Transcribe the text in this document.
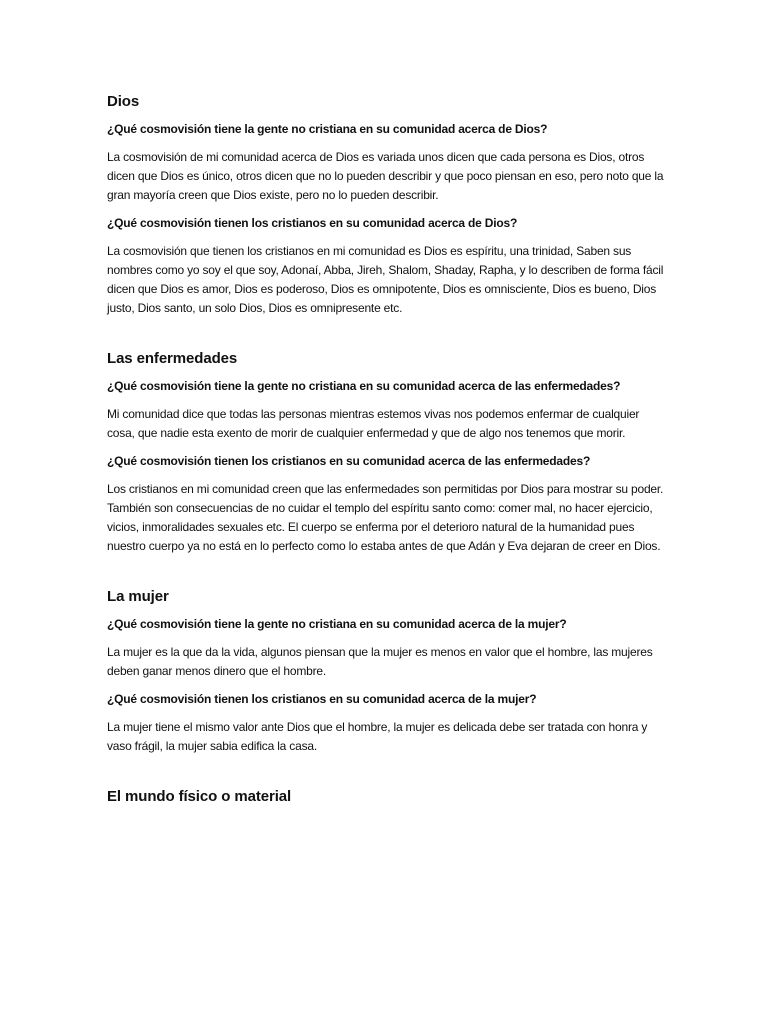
Dios
¿Qué cosmovisión tiene la gente no cristiana en su comunidad acerca de Dios?
La cosmovisión de mi comunidad acerca de Dios es variada unos dicen que cada persona es Dios, otros dicen que Dios es único, otros dicen que no lo pueden describir y que poco piensan en eso, pero noto que la gran mayoría creen que Dios existe, pero no lo pueden describir.
¿Qué cosmovisión tienen los cristianos en su comunidad acerca de Dios?
La cosmovisión que tienen los cristianos en mi comunidad es Dios es espíritu, una trinidad, Saben sus nombres como yo soy el que soy, Adonaí, Abba, Jireh, Shalom, Shaday, Rapha, y lo describen de forma fácil dicen que Dios es amor, Dios es poderoso, Dios es omnipotente, Dios es omnisciente, Dios es bueno, Dios justo, Dios santo, un solo Dios, Dios es omnipresente etc.
Las enfermedades
¿Qué cosmovisión tiene la gente no cristiana en su comunidad acerca de las enfermedades?
Mi comunidad dice que todas las personas mientras estemos vivas nos podemos enfermar de cualquier cosa, que nadie esta exento de morir de cualquier enfermedad y que de algo nos tenemos que morir.
¿Qué cosmovisión tienen los cristianos en su comunidad acerca de las enfermedades?
Los cristianos en mi comunidad creen que las enfermedades son permitidas por Dios para mostrar su poder. También son consecuencias de no cuidar el templo del espíritu santo como: comer mal, no hacer ejercicio, vicios, inmoralidades sexuales etc. El cuerpo se enferma por el deterioro natural de la humanidad pues nuestro cuerpo ya no está en lo perfecto como lo estaba antes de que Adán y Eva dejaran de creer en Dios.
La mujer
¿Qué cosmovisión tiene la gente no cristiana en su comunidad acerca de la mujer?
La mujer es la que da la vida, algunos piensan que la mujer es menos en valor que el hombre, las mujeres deben ganar menos dinero que el hombre.
¿Qué cosmovisión tienen los cristianos en su comunidad acerca de la mujer?
La mujer tiene el mismo valor ante Dios que el hombre, la mujer es delicada debe ser tratada con honra y vaso frágil, la mujer sabia edifica la casa.
El mundo físico o material
